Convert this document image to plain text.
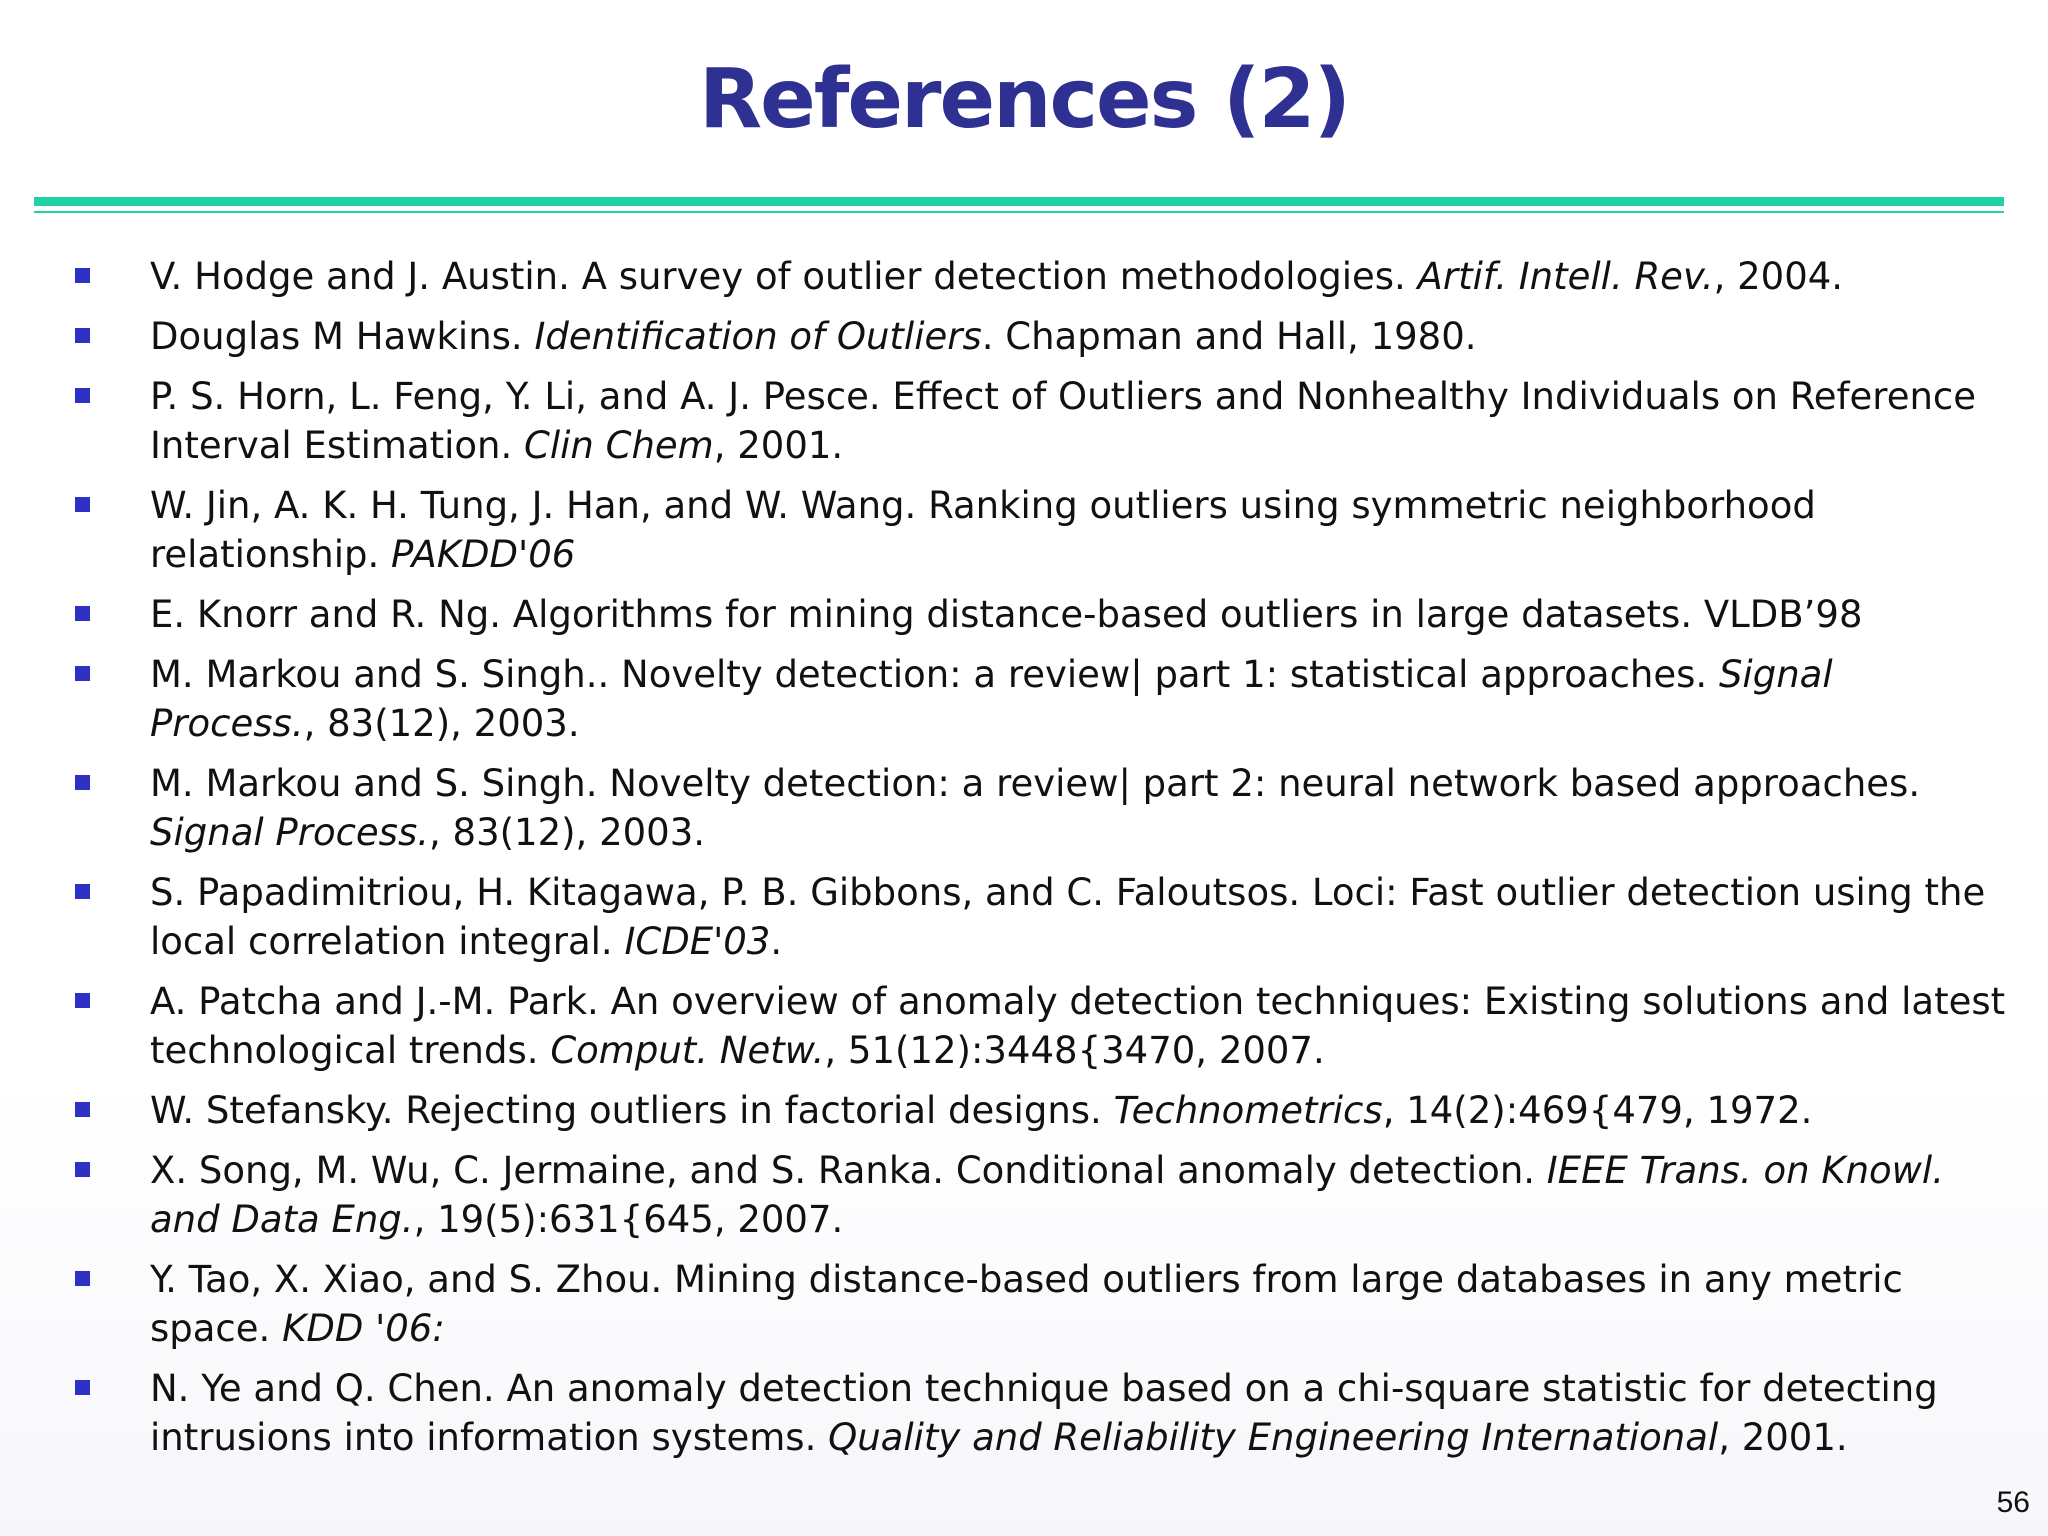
References (2)
V. Hodge and J. Austin. A survey of outlier detection methodologies. Artif. Intell. Rev., 2004.
Douglas M Hawkins. Identification of Outliers. Chapman and Hall, 1980.
P. S. Horn, L. Feng, Y. Li, and A. J. Pesce. Effect of Outliers and Nonhealthy Individuals on Reference Interval Estimation. Clin Chem, 2001.
W. Jin, A. K. H. Tung, J. Han, and W. Wang. Ranking outliers using symmetric neighborhood relationship. PAKDD'06
E. Knorr and R. Ng. Algorithms for mining distance-based outliers in large datasets. VLDB’98
M. Markou and S. Singh.. Novelty detection: a review| part 1: statistical approaches. Signal Process., 83(12), 2003.
M. Markou and S. Singh. Novelty detection: a review| part 2: neural network based approaches. Signal Process., 83(12), 2003.
S. Papadimitriou, H. Kitagawa, P. B. Gibbons, and C. Faloutsos. Loci: Fast outlier detection using the local correlation integral. ICDE'03.
A. Patcha and J.-M. Park. An overview of anomaly detection techniques: Existing solutions and latest technological trends. Comput. Netw., 51(12):3448{3470, 2007.
W. Stefansky. Rejecting outliers in factorial designs. Technometrics, 14(2):469{479, 1972.
X. Song, M. Wu, C. Jermaine, and S. Ranka. Conditional anomaly detection. IEEE Trans. on Knowl. and Data Eng., 19(5):631{645, 2007.
Y. Tao, X. Xiao, and S. Zhou. Mining distance-based outliers from large databases in any metric space. KDD '06:
N. Ye and Q. Chen. An anomaly detection technique based on a chi-square statistic for detecting intrusions into information systems. Quality and Reliability Engineering International, 2001.
56
